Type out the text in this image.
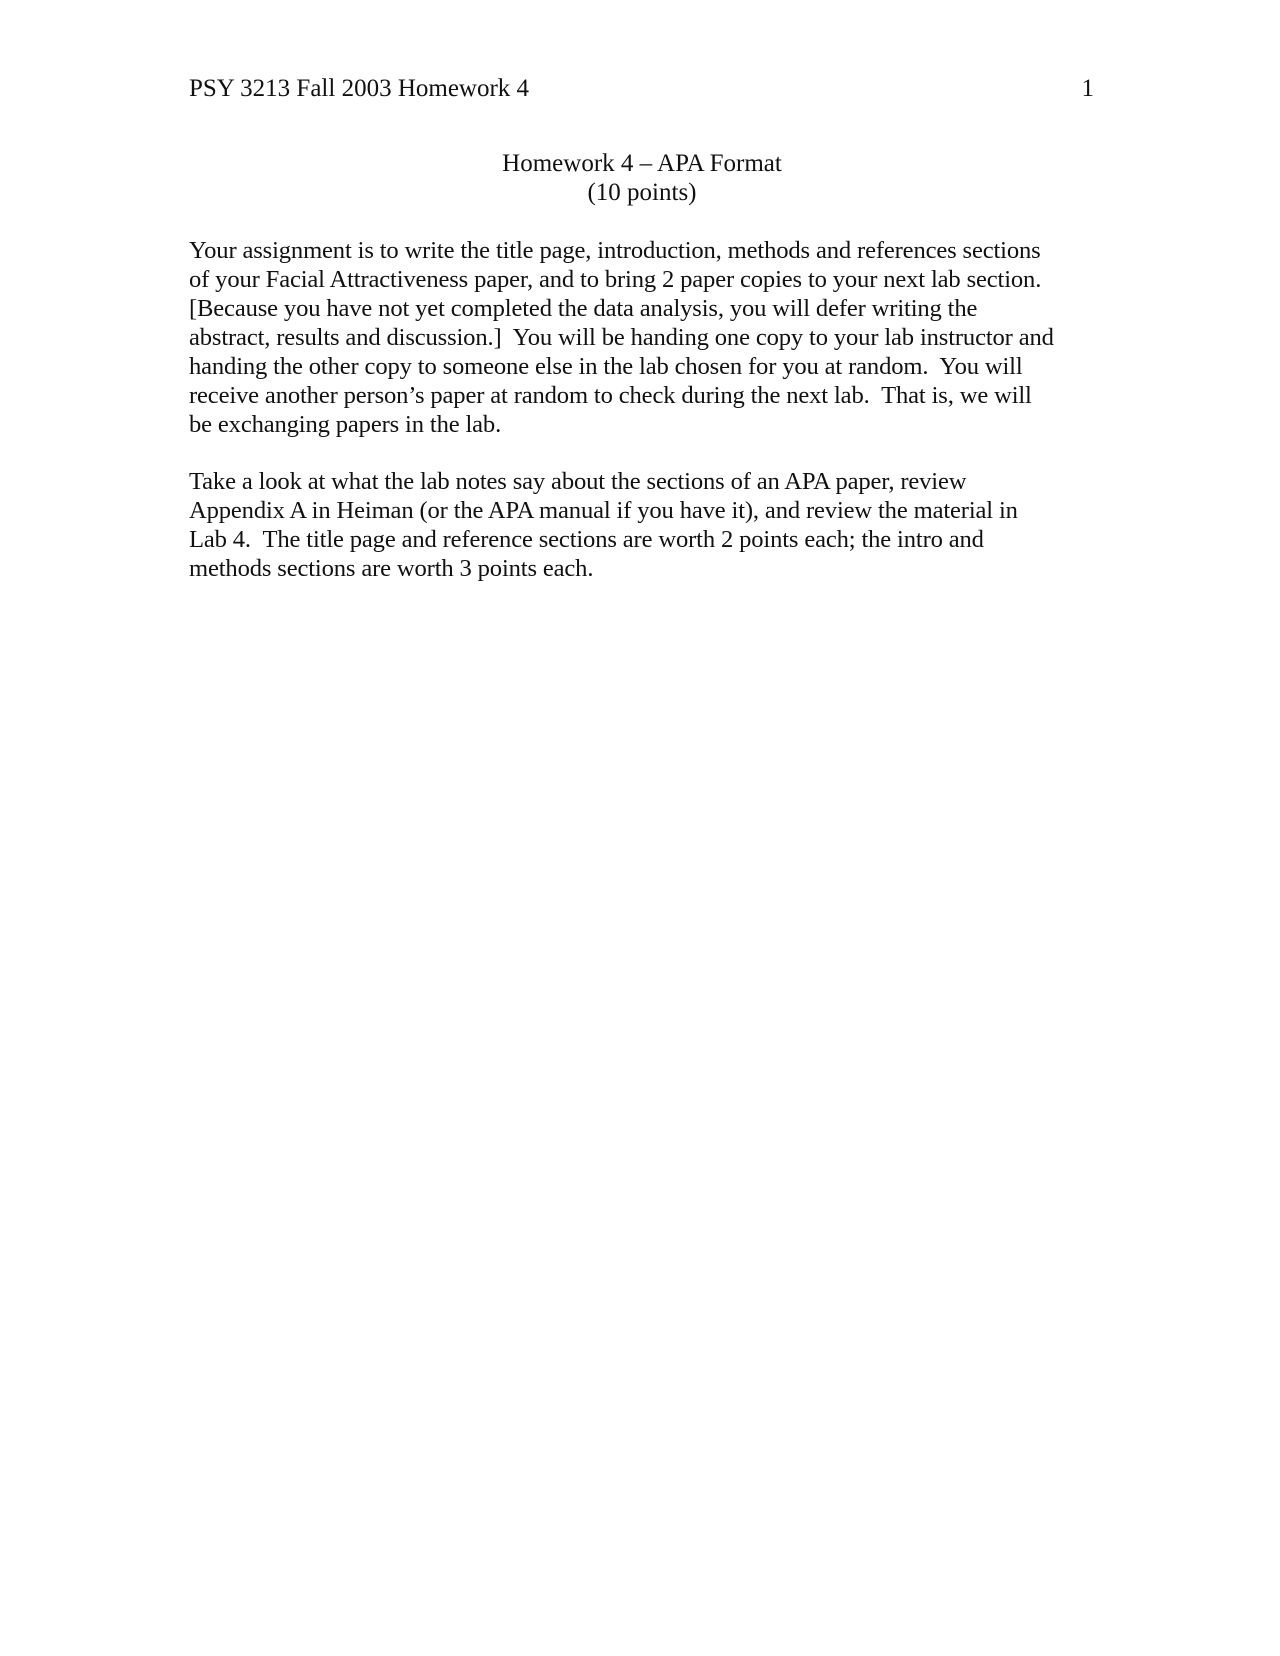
PSY 3213 Fall 2003 Homework 4	1
Homework 4 – APA Format
(10 points)
Your assignment is to write the title page, introduction, methods and references sections
of your Facial Attractiveness paper, and to bring 2 paper copies to your next lab section.
[Because you have not yet completed the data analysis, you will defer writing the
abstract, results and discussion.]  You will be handing one copy to your lab instructor and
handing the other copy to someone else in the lab chosen for you at random.  You will
receive another person’s paper at random to check during the next lab.  That is, we will
be exchanging papers in the lab.
Take a look at what the lab notes say about the sections of an APA paper, review
Appendix A in Heiman (or the APA manual if you have it), and review the material in
Lab 4.  The title page and reference sections are worth 2 points each; the intro and
methods sections are worth 3 points each.
